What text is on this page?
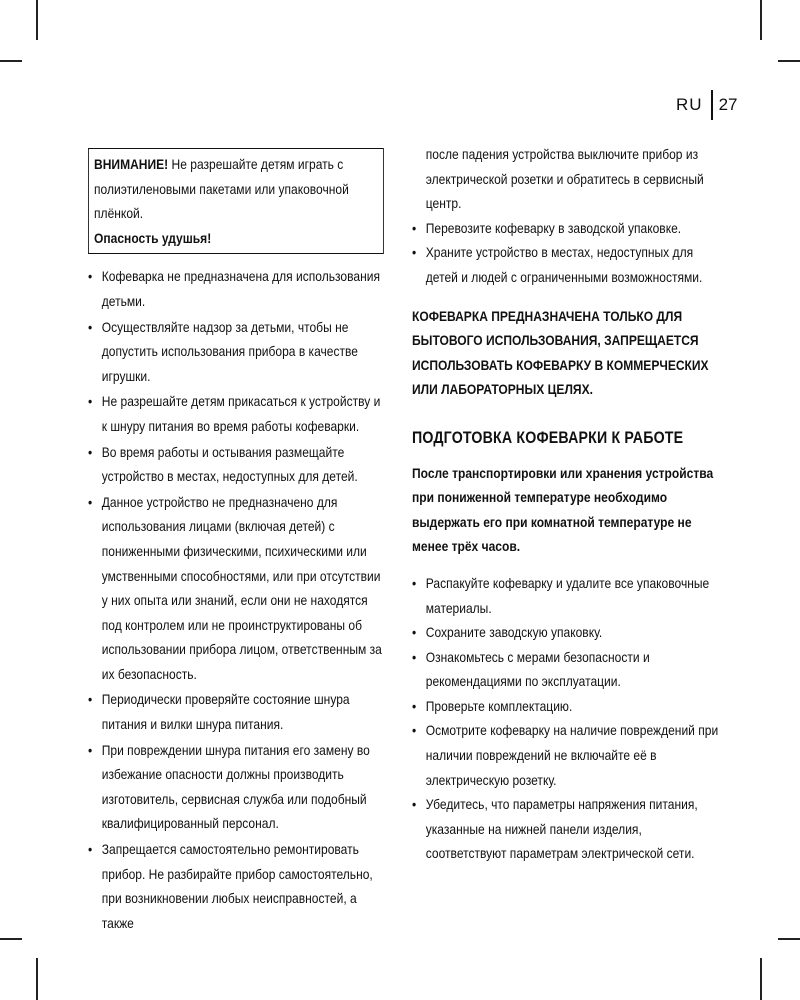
RU 27
ВНИМАНИЕ! Не разрешайте детям играть с полиэтиленовыми пакетами или упаковочной плёнкой.
Опасность удушья!
• Кофеварка не предназначена для использования детьми.
• Осуществляйте надзор за детьми, чтобы не допустить использования прибора в качестве игрушки.
• Не разрешайте детям прикасаться к устройству и к шнуру питания во время работы кофеварки.
• Во время работы и остывания размещайте устройство в местах, недоступных для детей.
• Данное устройство не предназначено для использования лицами (включая детей) с пониженными физическими, психическими или умственными способностями, или при отсутствии у них опыта или знаний, если они не находятся под контролем или не проинструктированы об использовании прибора лицом, ответственным за их безопасность.
• Периодически проверяйте состояние шнура питания и вилки шнура питания.
• При повреждении шнура питания его замену во избежание опасности должны производить изготовитель, сервисная служба или подобный квалифицированный персонал.
• Запрещается самостоятельно ремонтировать прибор. Не разбирайте прибор самостоятельно, при возникновении любых неисправностей, а также
после падения устройства выключите прибор из электрической розетки и обратитесь в сервисный центр.
• Перевозите кофеварку в заводской упаковке.
• Храните устройство в местах, недоступных для детей и людей с ограниченными возможностями.
КОФЕВАРКА ПРЕДНАЗНАЧЕНА ТОЛЬКО ДЛЯ БЫТОВОГО ИСПОЛЬЗОВАНИЯ, ЗАПРЕЩАЕТСЯ ИСПОЛЬЗОВАТЬ КОФЕВАРКУ В КОММЕРЧЕСКИХ ИЛИ ЛАБОРАТОРНЫХ ЦЕЛЯХ.
ПОДГОТОВКА КОФЕВАРКИ К РАБОТЕ
После транспортировки или хранения устройства при пониженной температуре необходимо выдержать его при комнатной температуре не менее трёх часов.
• Распакуйте кофеварку и удалите все упаковочные материалы.
• Сохраните заводскую упаковку.
• Ознакомьтесь с мерами безопасности и рекомендациями по эксплуатации.
• Проверьте комплектацию.
• Осмотрите кофеварку на наличие повреждений при наличии повреждений не включайте её в электрическую розетку.
• Убедитесь, что параметры напряжения питания, указанные на нижней панели изделия, соответствуют параметрам электрической сети.
